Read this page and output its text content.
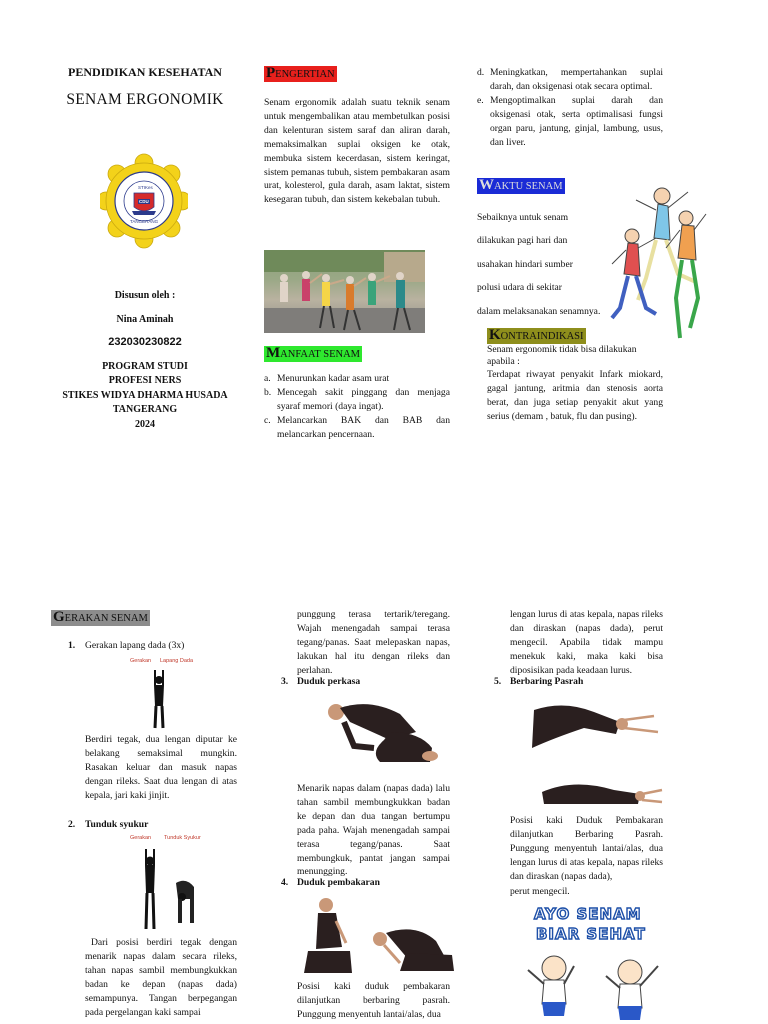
PENDIDIKAN KESEHATAN
SENAM ERGONOMIK
STIKes
CDU
TANGERANG
Disusun oleh :
Nina Aminah
232030230822
PROGRAM STUDI
PROFESI NERS
STIKES WIDYA DHARMA HUSADA
TANGERANG
2024
PENGERTIAN

Senam ergonomik adalah suatu teknik senam untuk mengembalikan atau membetulkan posisi dan kelenturan sistem saraf dan aliran darah, memaksimalkan suplai oksigen ke otak, membuka sistem kecerdasan, sistem keringat, sistem pemanas tubuh, sistem pembakaran asam urat, kolesterol, gula darah, asam laktat, sistem kesegaran tubuh, dan sistem kekebalan tubuh.

MANFAAT SENAM
a. Menurunkan kadar asam urat
b. Mencegah sakit pinggang dan menjaga syaraf memori (daya ingat).
c. Melancarkan BAK dan BAB dan melancarkan pencernaan.
d. Meningkatkan, mempertahankan suplai darah, dan oksigenasi otak secara optimal.
e. Mengoptimalkan suplai darah dan oksigenasi otak, serta optimalisasi fungsi organ paru, jantung, ginjal, lambung, usus, dan liver.
WAKTU SENAM
Sebaiknya untuk senam
dilakukan pagi hari dan
usahakan hindari sumber
polusi udara di sekitar
dalam melaksanakan senamnya.
KONTRAINDIKASI
Senam ergonomik tidak bisa dilakukan apabila :

Terdapat riwayat penyakit Infark miokard, gagal jantung, aritmia dan stenosis aorta berat, dan juga setiap penyakit akut yang serius (demam , batuk, flu dan pusing).

GERAKAN SENAM
1. Gerakan lapang dada (3x)
Gerakan Lapang Dada

Berdiri tegak, dua lengan diputar ke belakang semaksimal mungkin. Rasakan keluar dan masuk napas dengan rileks. Saat dua lengan di atas kepala, jari kaki jinjit.

2. Tunduk syukur
Gerakan Tunduk Syukur

Dari posisi berdiri tegak dengan menarik napas dalam secara rileks, tahan napas sambil membungkukkan badan ke depan (napas dada) semampunya. Tangan berpegangan pada pergelangan kaki sampai

punggung terasa tertarik/teregang. Wajah menengadah sampai terasa tegang/panas. Saat melepaskan napas, lakukan hal itu dengan rileks dan perlahan.

3. Duduk perkasa

Menarik napas dalam (napas dada) lalu tahan sambil membungkukkan badan ke depan dan dua tangan bertumpu pada paha. Wajah menengadah sampai terasa tegang/panas. Saat membungkuk, pantat jangan sampai menungging.

4. Duduk pembakaran

Posisi kaki duduk pembakaran dilanjutkan berbaring pasrah. Punggung menyentuh lantai/alas, dua

lengan lurus di atas kepala, napas rileks dan diraskan (napas dada), perut mengecil. Apabila tidak mampu menekuk kaki, maka kaki bisa diposisikan pada keadaan lurus.

5. Berbaring Pasrah

Posisi kaki Duduk Pembakaran dilanjutkan Berbaring Pasrah. Punggung menyentuh lantai/alas, dua lengan lurus di atas kepala, napas rileks dan diraskan (napas dada),

perut mengecil.
AYO SENAM
BIAR SEHAT
